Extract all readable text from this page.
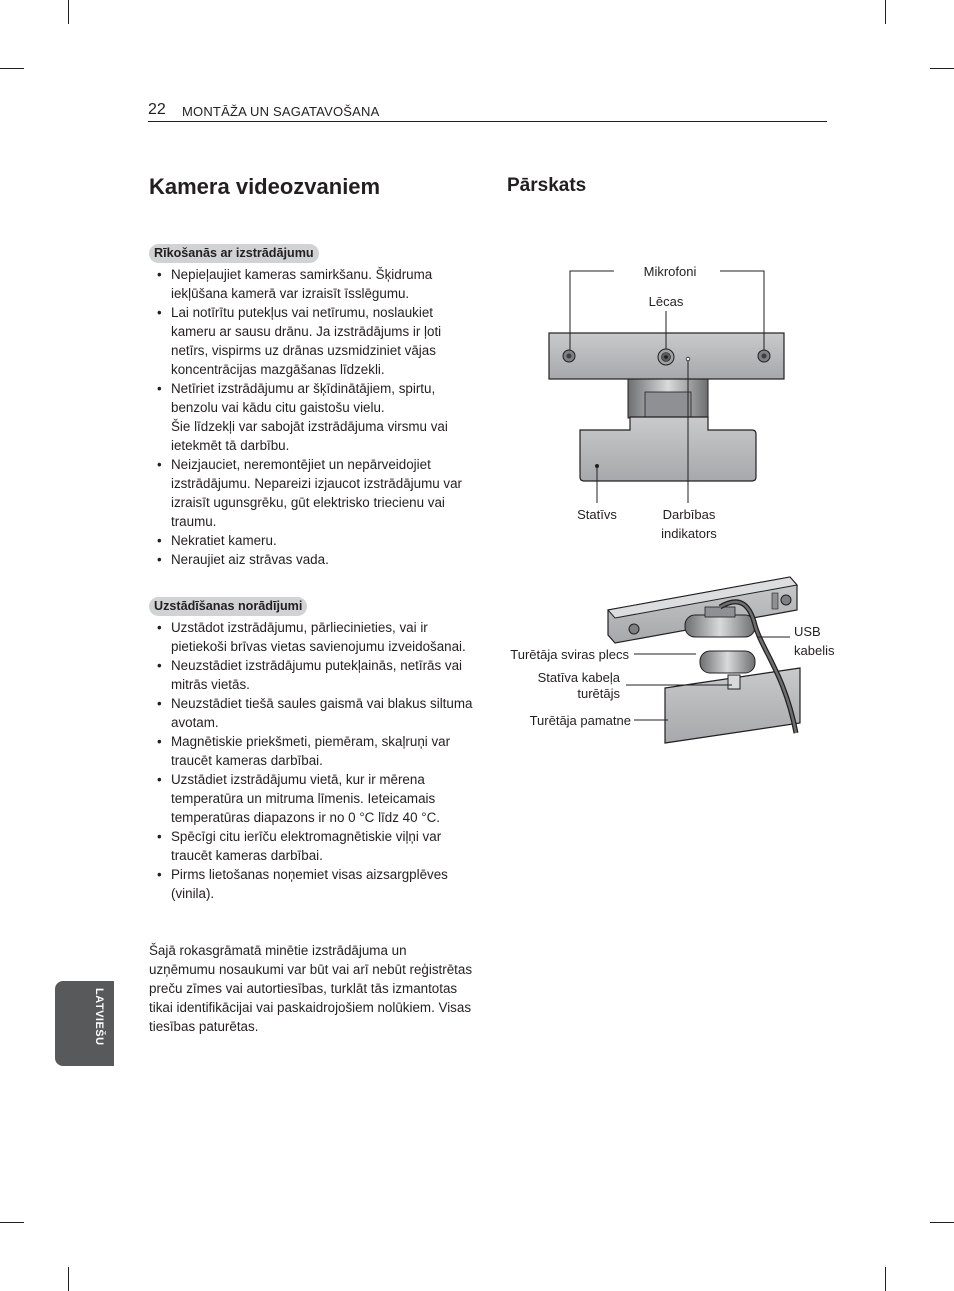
22 MONTĀŽA UN SAGATAVOŠANA
Kamera videozvaniem	Pārskats
Rīkošanās ar izstrādājumu
• Nepieļaujiet kameras samirkšanu. Šķidruma iekļūšana kamerā var izraisīt īsslēgumu.
• Lai notīrītu putekļus vai netīrumu, noslaukiet kameru ar sausu drānu. Ja izstrādājums ir ļoti netīrs, vispirms uz drānas uzsmidziniet vājas koncentrācijas mazgāšanas līdzekli.
• Netīriet izstrādājumu ar šķīdinātājiem, spirtu, benzolu vai kādu citu gaistošu vielu.
Šie līdzekļi var sabojāt izstrādājuma virsmu vai ietekmēt tā darbību.
• Neizjauciet, neremontējiet un nepārveidojiet izstrādājumu. Nepareizi izjaucot izstrādājumu var izraisīt ugunsgrēku, gūt elektrisko triecienu vai traumu.
• Nekratiet kameru.
• Neraujiet aiz strāvas vada.
Uzstādīšanas norādījumi
• Uzstādot izstrādājumu, pārliecinieties, vai ir pietiekoši brīvas vietas savienojumu izveidošanai.
• Neuzstādiet izstrādājumu putekļainās, netīrās vai mitrās vietās.
• Neuzstādiet tiešā saules gaismā vai blakus siltuma avotam.
• Magnētiskie priekšmeti, piemēram, skaļruņi var traucēt kameras darbībai.
• Uzstādiet izstrādājumu vietā, kur ir mērena temperatūra un mitruma līmenis. Ieteicamais temperatūras diapazons ir no 0 °C līdz 40 °C.
• Spēcīgi citu ierīču elektromagnētiskie viļņi var traucēt kameras darbībai.
• Pirms lietošanas noņemiet visas aizsargplēves (vinila).

Šajā rokasgrāmatā minētie izstrādājuma un uzņēmumu nosaukumi var būt vai arī nebūt reģistrētas preču zīmes vai autortiesības, turklāt tās izmantotas tikai identifikācijai vai paskaidrojošiem nolūkiem. Visas tiesības paturētas.

LATVIEŠU
Mikrofoni
Lēcas
Statīvs	Darbības
indikators
USB
kabelis
Turētāja sviras plecs
Statīva kabeļa
turētājs
Turētāja pamatne
